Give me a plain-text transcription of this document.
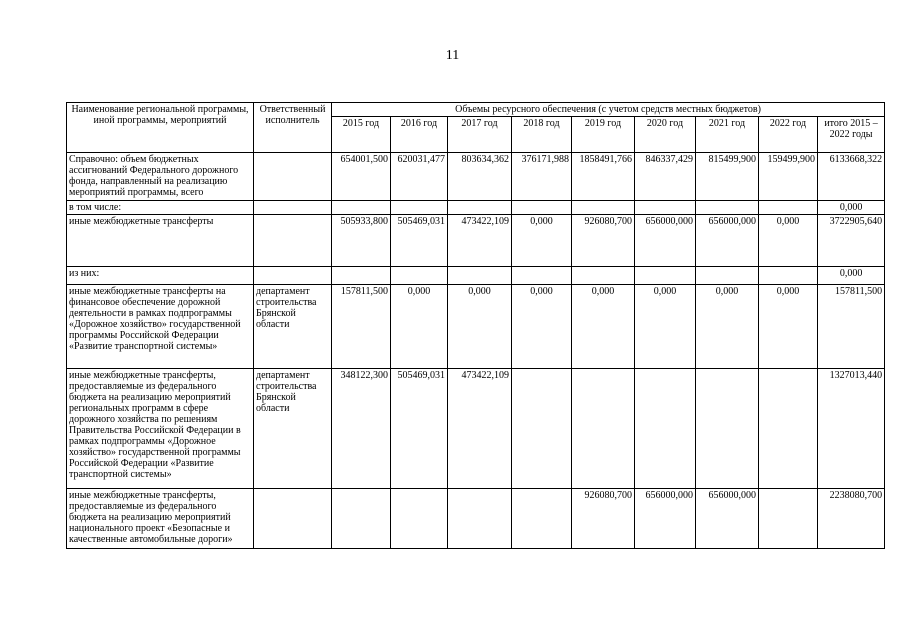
11
Наименование региональной программы, иной программы, мероприятий	Ответственный исполнитель	Объемы ресурсного обеспечения (с учетом средств местных бюджетов)								
		2015 год	2016 год	2017 год	2018 год	2019 год	2020 год	2021 год	2022 год	итого 2015 – 2022 годы
Справочно: объем бюджетных ассигнований Федерального дорожного фонда, направленный на реализацию мероприятий программы, всего		654001,500	620031,477	803634,362	376171,988	1858491,766	846337,429	815499,900	159499,900	6133668,322
в том числе:										0,000
иные межбюджетные трансферты		505933,800	505469,031	473422,109	0,000	926080,700	656000,000	656000,000	0,000	3722905,640
из них:										0,000
иные межбюджетные трансферты на финансовое обеспечение дорожной деятельности в рамках подпрограммы «Дорожное хозяйство» государственной программы Российской Федерации «Развитие транспортной системы»	департамент строительства Брянской области	157811,500	0,000	0,000	0,000	0,000	0,000	0,000	0,000	157811,500
иные межбюджетные трансферты, предоставляемые из федерального бюджета на реализацию мероприятий региональных программ в сфере дорожного хозяйства по решениям Правительства Российской Федерации в рамках подпрограммы «Дорожное хозяйство» государственной программы Российской Федерации «Развитие транспортной системы»	департамент строительства Брянской области	348122,300	505469,031	473422,109						1327013,440
иные межбюджетные трансферты, предоставляемые из федерального бюджета на реализацию мероприятий национального проект «Безопасные и качественные автомобильные дороги»						926080,700	656000,000	656000,000		2238080,700
